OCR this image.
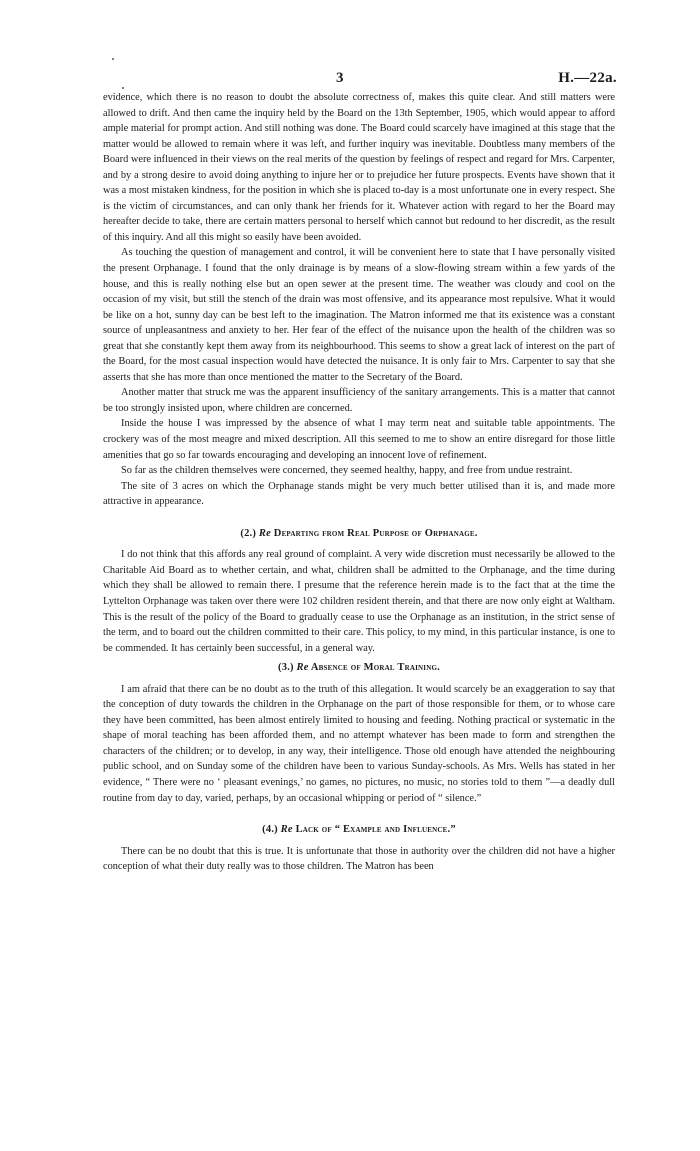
3	H.—22a.

evidence, which there is no reason to doubt the absolute correctness of, makes this quite clear. And still matters were allowed to drift. And then came the inquiry held by the Board on the 13th September, 1905, which would appear to afford ample material for prompt action. And still nothing was done. The Board could scarcely have imagined at this stage that the matter would be allowed to remain where it was left, and further inquiry was inevitable. Doubtless many members of the Board were influenced in their views on the real merits of the question by feelings of respect and regard for Mrs. Carpenter, and by a strong desire to avoid doing anything to injure her or to prejudice her future prospects. Events have shown that it was a most mistaken kindness, for the position in which she is placed to-day is a most unfortunate one in every respect. She is the victim of circumstances, and can only thank her friends for it. Whatever action with regard to her the Board may hereafter decide to take, there are certain matters personal to herself which cannot but redound to her discredit, as the result of this inquiry. And all this might so easily have been avoided.

As touching the question of management and control, it will be convenient here to state that I have personally visited the present Orphanage. I found that the only drainage is by means of a slow-flowing stream within a few yards of the house, and this is really nothing else but an open sewer at the present time. The weather was cloudy and cool on the occasion of my visit, but still the stench of the drain was most offensive, and its appearance most repulsive. What it would be like on a hot, sunny day can be best left to the imagination. The Matron informed me that its existence was a constant source of unpleasantness and anxiety to her. Her fear of the effect of the nuisance upon the health of the children was so great that she constantly kept them away from its neighbourhood. This seems to show a great lack of interest on the part of the Board, for the most casual inspection would have detected the nuisance. It is only fair to Mrs. Carpenter to say that she asserts that she has more than once mentioned the matter to the Secretary of the Board.

Another matter that struck me was the apparent insufficiency of the sanitary arrangements. This is a matter that cannot be too strongly insisted upon, where children are concerned.

Inside the house I was impressed by the absence of what I may term neat and suitable table appointments. The crockery was of the most meagre and mixed description. All this seemed to me to show an entire disregard for those little amenities that go so far towards encouraging and developing an innocent love of refinement.

So far as the children themselves were concerned, they seemed healthy, happy, and free from undue restraint.

The site of 3 acres on which the Orphanage stands might be very much better utilised than it is, and made more attractive in appearance.

(2.) Re Departing from Real Purpose of Orphanage.

I do not think that this affords any real ground of complaint. A very wide discretion must necessarily be allowed to the Charitable Aid Board as to whether certain, and what, children shall be admitted to the Orphanage, and the time during which they shall be allowed to remain there. I presume that the reference herein made is to the fact that at the time the Lyttelton Orphanage was taken over there were 102 children resident therein, and that there are now only eight at Waltham. This is the result of the policy of the Board to gradually cease to use the Orphanage as an institution, in the strict sense of the term, and to board out the children committed to their care. This policy, to my mind, in this particular instance, is one to be commended. It has certainly been successful, in a general way.

(3.) Re Absence of Moral Training.

I am afraid that there can be no doubt as to the truth of this allegation. It would scarcely be an exaggeration to say that the conception of duty towards the children in the Orphanage on the part of those responsible for them, or to whose care they have been committed, has been almost entirely limited to housing and feeding. Nothing practical or systematic in the shape of moral teaching has been afforded them, and no attempt whatever has been made to form and strengthen the characters of the children; or to develop, in any way, their intelligence. Those old enough have attended the neighbouring public school, and on Sunday some of the children have been to various Sunday-schools. As Mrs. Wells has stated in her evidence, “ There were no ‘ pleasant evenings,’ no games, no pictures, no music, no stories told to them ”—a deadly dull routine from day to day, varied, perhaps, by an occasional whipping or period of “ silence.”

(4.) Re Lack of “ Example and Influence.”

There can be no doubt that this is true. It is unfortunate that those in authority over the children did not have a higher conception of what their duty really was to those children. The Matron has been
